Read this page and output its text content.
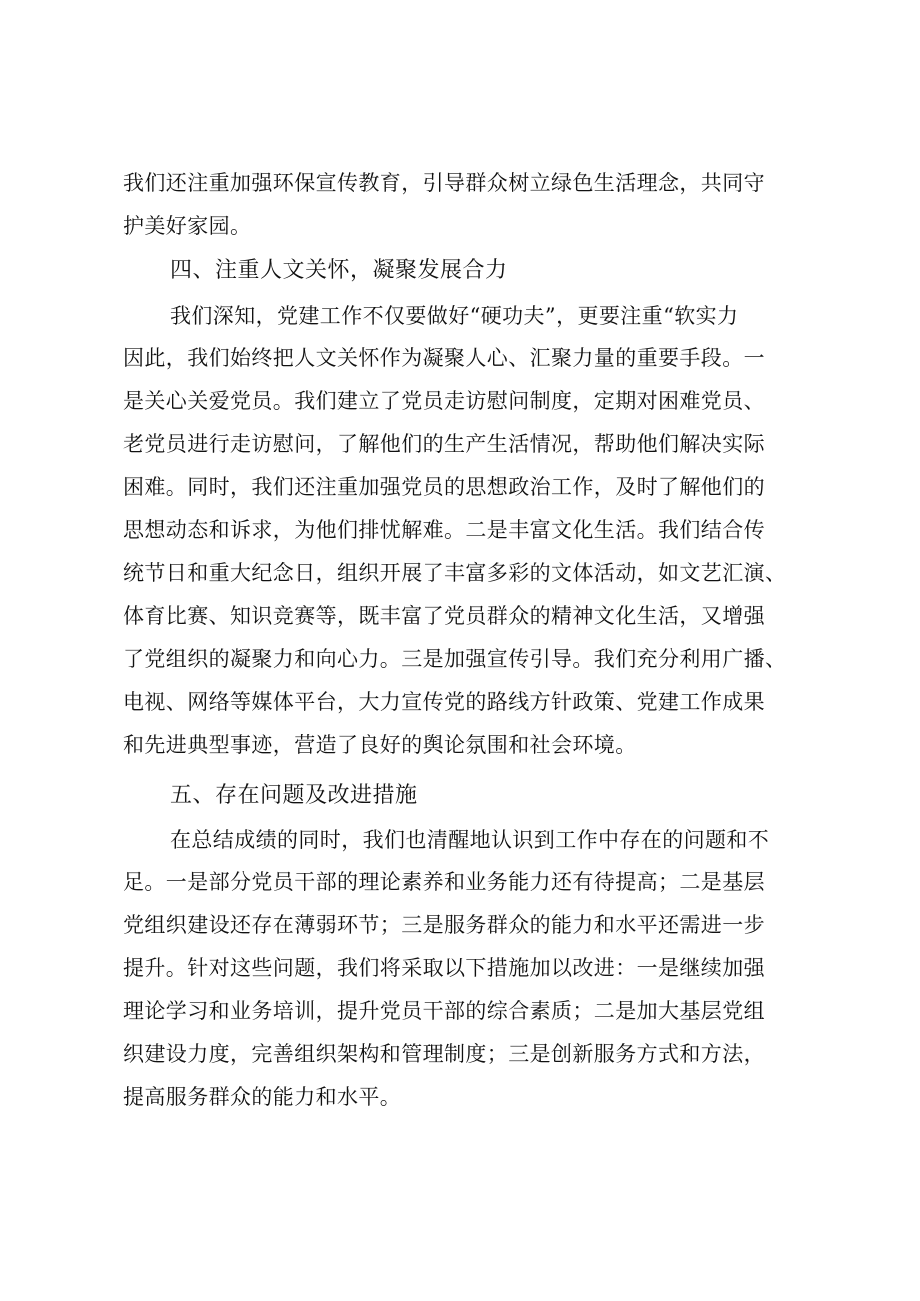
我们还注重加强环保宣传教育，引导群众树立绿色生活理念，共同守
护美好家园。
四、注重人文关怀，凝聚发展合力
我们深知，党建工作不仅要做好“硬功夫”，更要注重“软实力
因此，我们始终把人文关怀作为凝聚人心、汇聚力量的重要手段。一
是关心关爱党员。我们建立了党员走访慰问制度，定期对困难党员、
老党员进行走访慰问，了解他们的生产生活情况，帮助他们解决实际
困难。同时，我们还注重加强党员的思想政治工作，及时了解他们的
思想动态和诉求，为他们排忧解难。二是丰富文化生活。我们结合传
统节日和重大纪念日，组织开展了丰富多彩的文体活动，如文艺汇演、
体育比赛、知识竞赛等，既丰富了党员群众的精神文化生活，又增强
了党组织的凝聚力和向心力。三是加强宣传引导。我们充分利用广播、
电视、网络等媒体平台，大力宣传党的路线方针政策、党建工作成果
和先进典型事迹，营造了良好的舆论氛围和社会环境。
五、存在问题及改进措施
在总结成绩的同时，我们也清醒地认识到工作中存在的问题和不
足。一是部分党员干部的理论素养和业务能力还有待提高；二是基层
党组织建设还存在薄弱环节；三是服务群众的能力和水平还需进一步
提升。针对这些问题，我们将采取以下措施加以改进：一是继续加强
理论学习和业务培训，提升党员干部的综合素质；二是加大基层党组
织建设力度，完善组织架构和管理制度；三是创新服务方式和方法，
提高服务群众的能力和水平。
